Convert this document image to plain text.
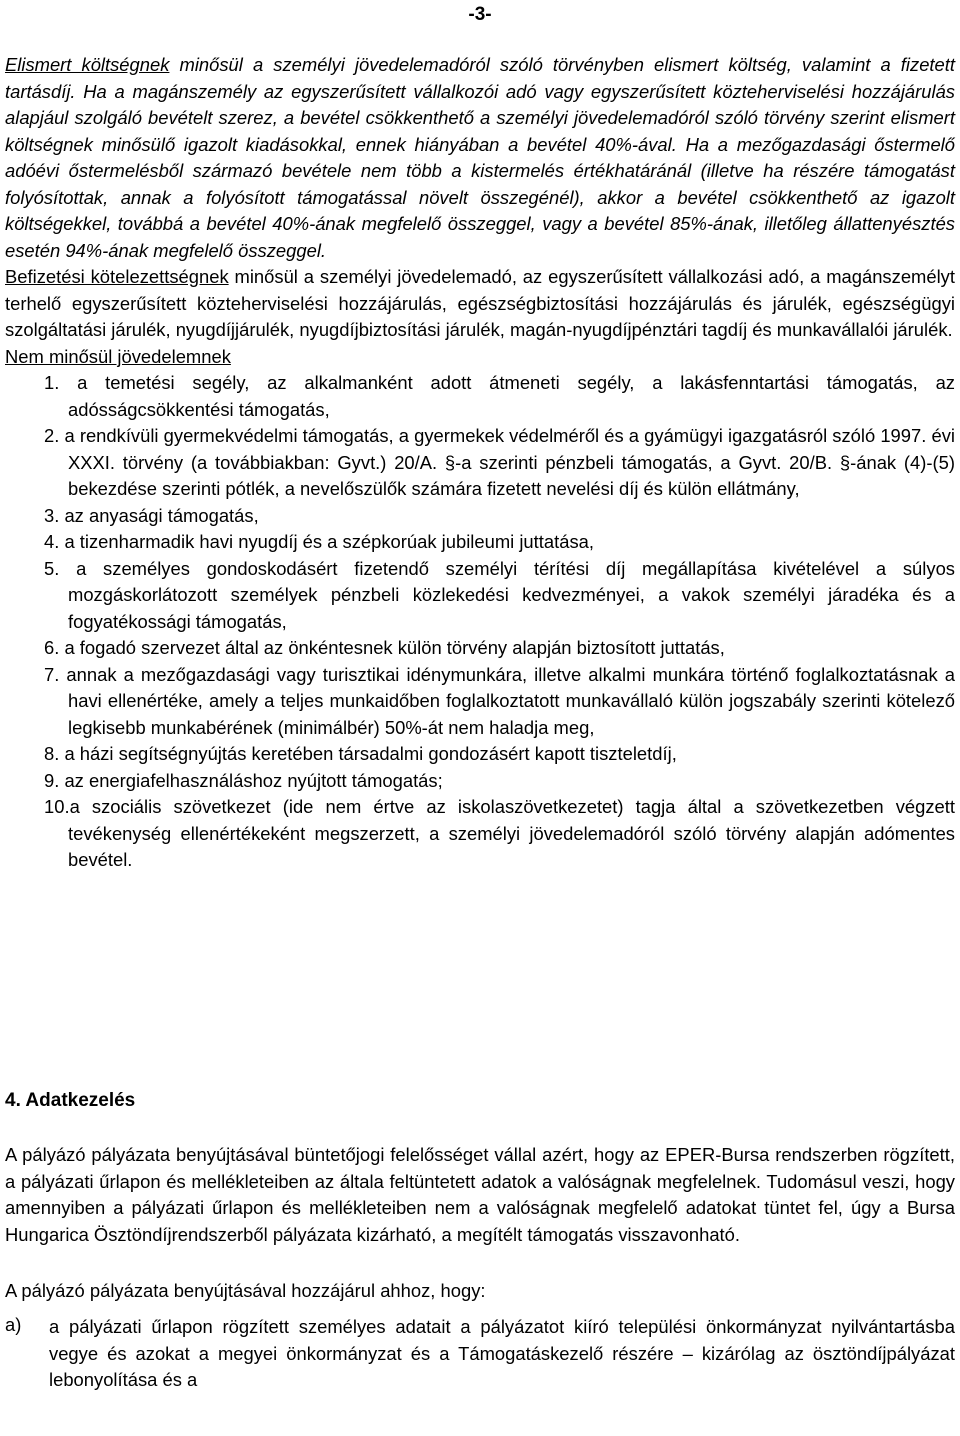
-3-

Elismert költségnek minősül a személyi jövedelemadóról szóló törvényben elismert költség, valamint a fizetett tartásdíj. Ha a magánszemély az egyszerűsített vállalkozói adó vagy egyszerűsített közteherviselési hozzájárulás alapjául szolgáló bevételt szerez, a bevétel csökkenthető a személyi jövedelemadóról szóló törvény szerint elismert költségnek minősülő igazolt kiadásokkal, ennek hiányában a bevétel 40%-ával. Ha a mezőgazdasági őstermelő adóévi őstermelésből származó bevétele nem több a kistermelés értékhatáránál (illetve ha részére támogatást folyósítottak, annak a folyósított támogatással növelt összegénél), akkor a bevétel csökkenthető az igazolt költségekkel, továbbá a bevétel 40%-ának megfelelő összeggel, vagy a bevétel 85%-ának, illetőleg állattenyésztés esetén 94%-ának megfelelő összeggel.

Befizetési kötelezettségnek minősül a személyi jövedelemadó, az egyszerűsített vállalkozási adó, a magánszemélyt terhelő egyszerűsített közteherviselési hozzájárulás, egészségbiztosítási hozzájárulás és járulék, egészségügyi szolgáltatási járulék, nyugdíjjárulék, nyugdíjbiztosítási járulék, magán-nyugdíjpénztári tagdíj és munkavállalói járulék.

Nem minősül jövedelemnek

1. a temetési segély, az alkalmanként adott átmeneti segély, a lakásfenntartási támogatás, az adósságcsökkentési támogatás,
2. a rendkívüli gyermekvédelmi támogatás, a gyermekek védelméről és a gyámügyi igazgatásról szóló 1997. évi XXXI. törvény (a továbbiakban: Gyvt.) 20/A. §-a szerinti pénzbeli támogatás, a Gyvt. 20/B. §-ának (4)-(5) bekezdése szerinti pótlék, a nevelőszülők számára fizetett nevelési díj és külön ellátmány,
3. az anyasági támogatás,
4. a tizenharmadik havi nyugdíj és a szépkorúak jubileumi juttatása,
5. a személyes gondoskodásért fizetendő személyi térítési díj megállapítása kivételével a súlyos mozgáskorlátozott személyek pénzbeli közlekedési kedvezményei, a vakok személyi járadéka és a fogyatékossági támogatás,
6. a fogadó szervezet által az önkéntesnek külön törvény alapján biztosított juttatás,
7. annak a mezőgazdasági vagy turisztikai idénymunkára, illetve alkalmi munkára történő foglalkoztatásnak a havi ellenértéke, amely a teljes munkaidőben foglalkoztatott munkavállaló külön jogszabály szerinti kötelező legkisebb munkabérének (minimálbér) 50%-át nem haladja meg,
8. a házi segítségnyújtás keretében társadalmi gondozásért kapott tiszteletdíj,
9. az energiafelhasználáshoz nyújtott támogatás;
10.a szociális szövetkezet (ide nem értve az iskolaszövetkezetet) tagja által a szövetkezetben végzett tevékenység ellenértékeként megszerzett, a személyi jövedelemadóról szóló törvény alapján adómentes bevétel.
4. Adatkezelés

A pályázó pályázata benyújtásával büntetőjogi felelősséget vállal azért, hogy az EPER-Bursa rendszerben rögzített, a pályázati űrlapon és mellékleteiben az általa feltüntetett adatok a valóságnak megfelelnek. Tudomásul veszi, hogy amennyiben a pályázati űrlapon és mellékleteiben nem a valóságnak megfelelő adatokat tüntet fel, úgy a Bursa Hungarica Ösztöndíjrendszerből pályázata kizárható, a megítélt támogatás visszavonható.

A pályázó pályázata benyújtásával hozzájárul ahhoz, hogy:

a)	a pályázati űrlapon rögzített személyes adatait a pályázatot kiíró települési önkormányzat nyilvántartásba vegye és azokat a megyei önkormányzat és a Támogatáskezelő részére – kizárólag az ösztöndíjpályázat lebonyolítása és a
